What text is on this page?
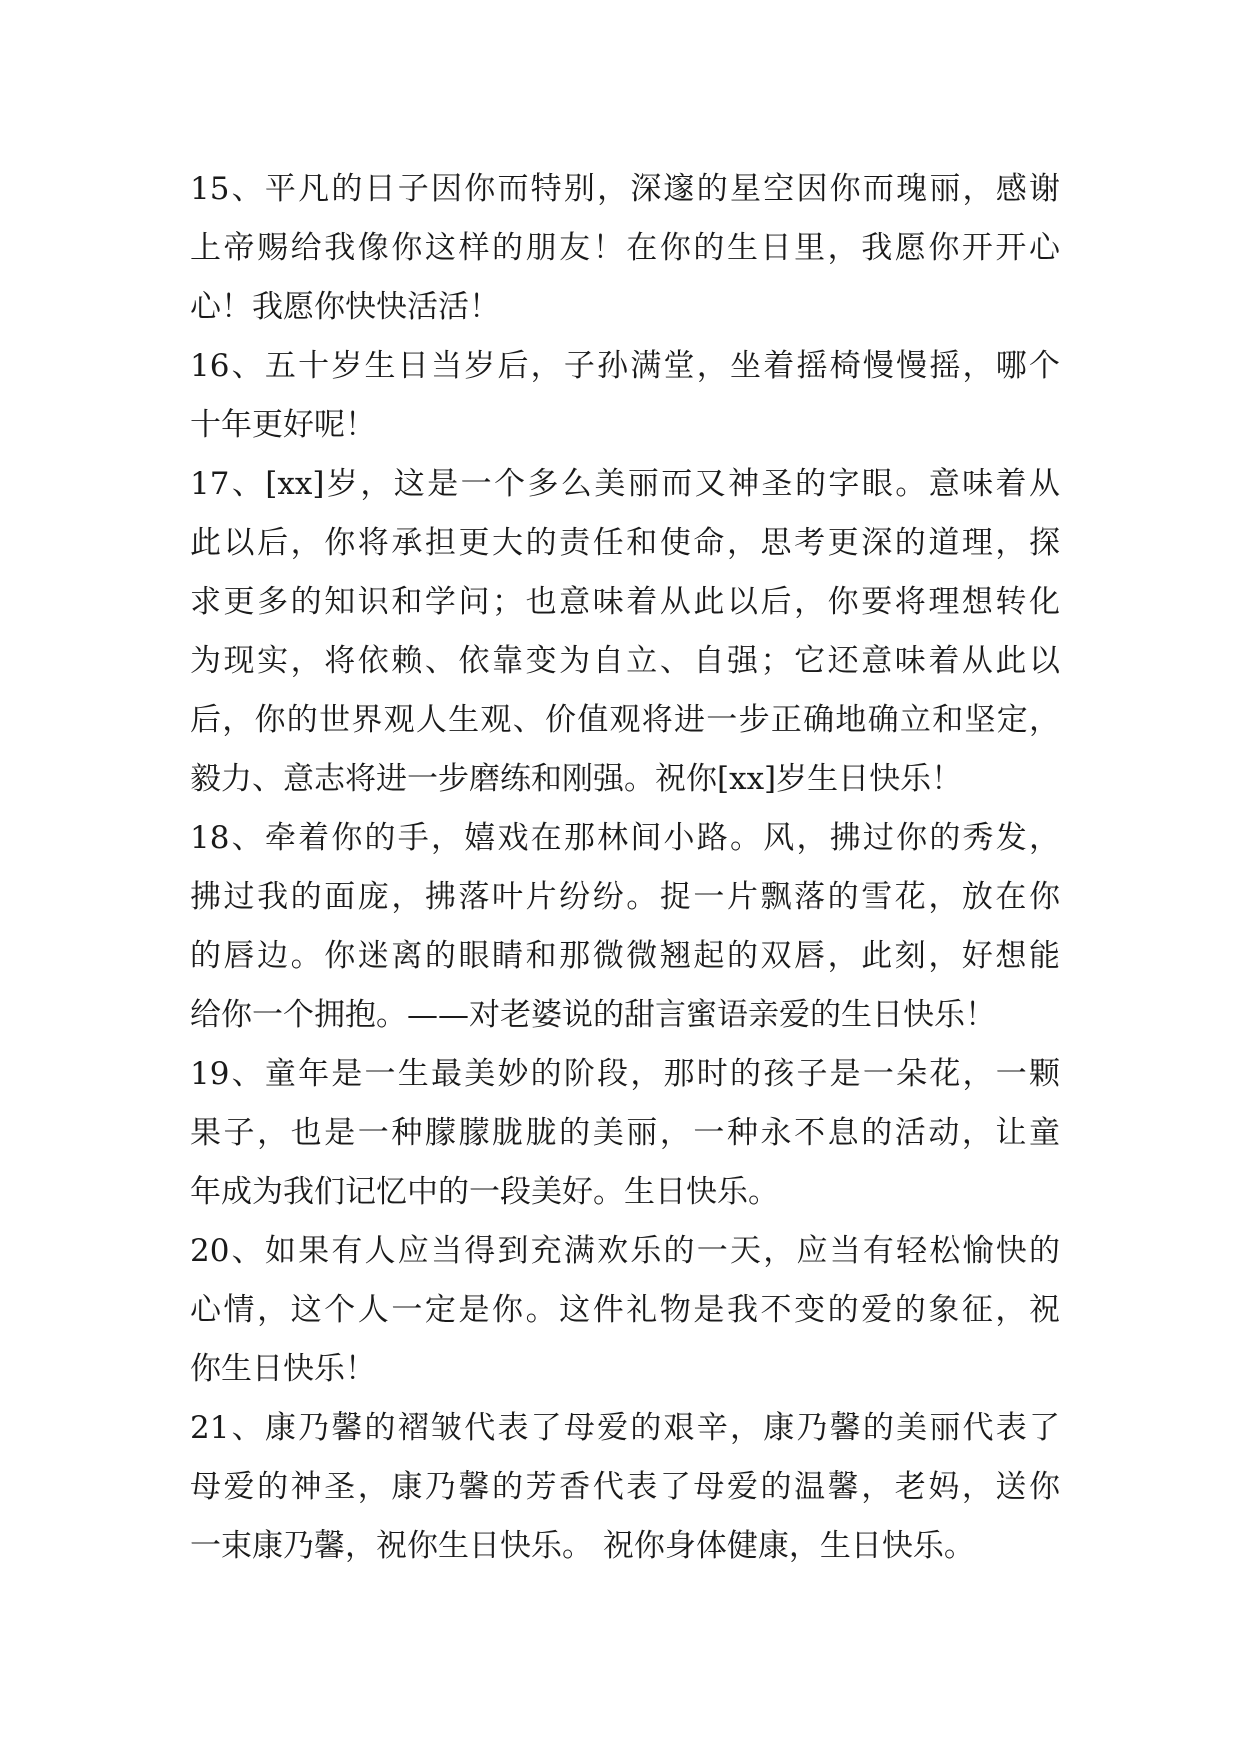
15、平凡的日子因你而特别，深邃的星空因你而瑰丽，感谢
上帝赐给我像你这样的朋友！在你的生日里，我愿你开开心
心！我愿你快快活活！
16、五十岁生日当岁后，子孙满堂，坐着摇椅慢慢摇，哪个
十年更好呢！
17、[xx]岁，这是一个多么美丽而又神圣的字眼。意味着从
此以后，你将承担更大的责任和使命，思考更深的道理，探
求更多的知识和学问；也意味着从此以后，你要将理想转化
为现实，将依赖、依靠变为自立、自强；它还意味着从此以
后，你的世界观人生观、价值观将进一步正确地确立和坚定，
毅力、意志将进一步磨练和刚强。祝你[xx]岁生日快乐！
18、牵着你的手，嬉戏在那林间小路。风，拂过你的秀发，
拂过我的面庞，拂落叶片纷纷。捉一片飘落的雪花，放在你
的唇边。你迷离的眼睛和那微微翘起的双唇，此刻，好想能
给你一个拥抱。——对老婆说的甜言蜜语亲爱的生日快乐！
19、童年是一生最美妙的阶段，那时的孩子是一朵花，一颗
果子，也是一种朦朦胧胧的美丽，一种永不息的活动，让童
年成为我们记忆中的一段美好。生日快乐。
20、如果有人应当得到充满欢乐的一天，应当有轻松愉快的
心情，这个人一定是你。这件礼物是我不变的爱的象征，祝
你生日快乐！
21、康乃馨的褶皱代表了母爱的艰辛，康乃馨的美丽代表了
母爱的神圣，康乃馨的芳香代表了母爱的温馨，老妈，送你
一束康乃馨，祝你生日快乐。 祝你身体健康，生日快乐。
